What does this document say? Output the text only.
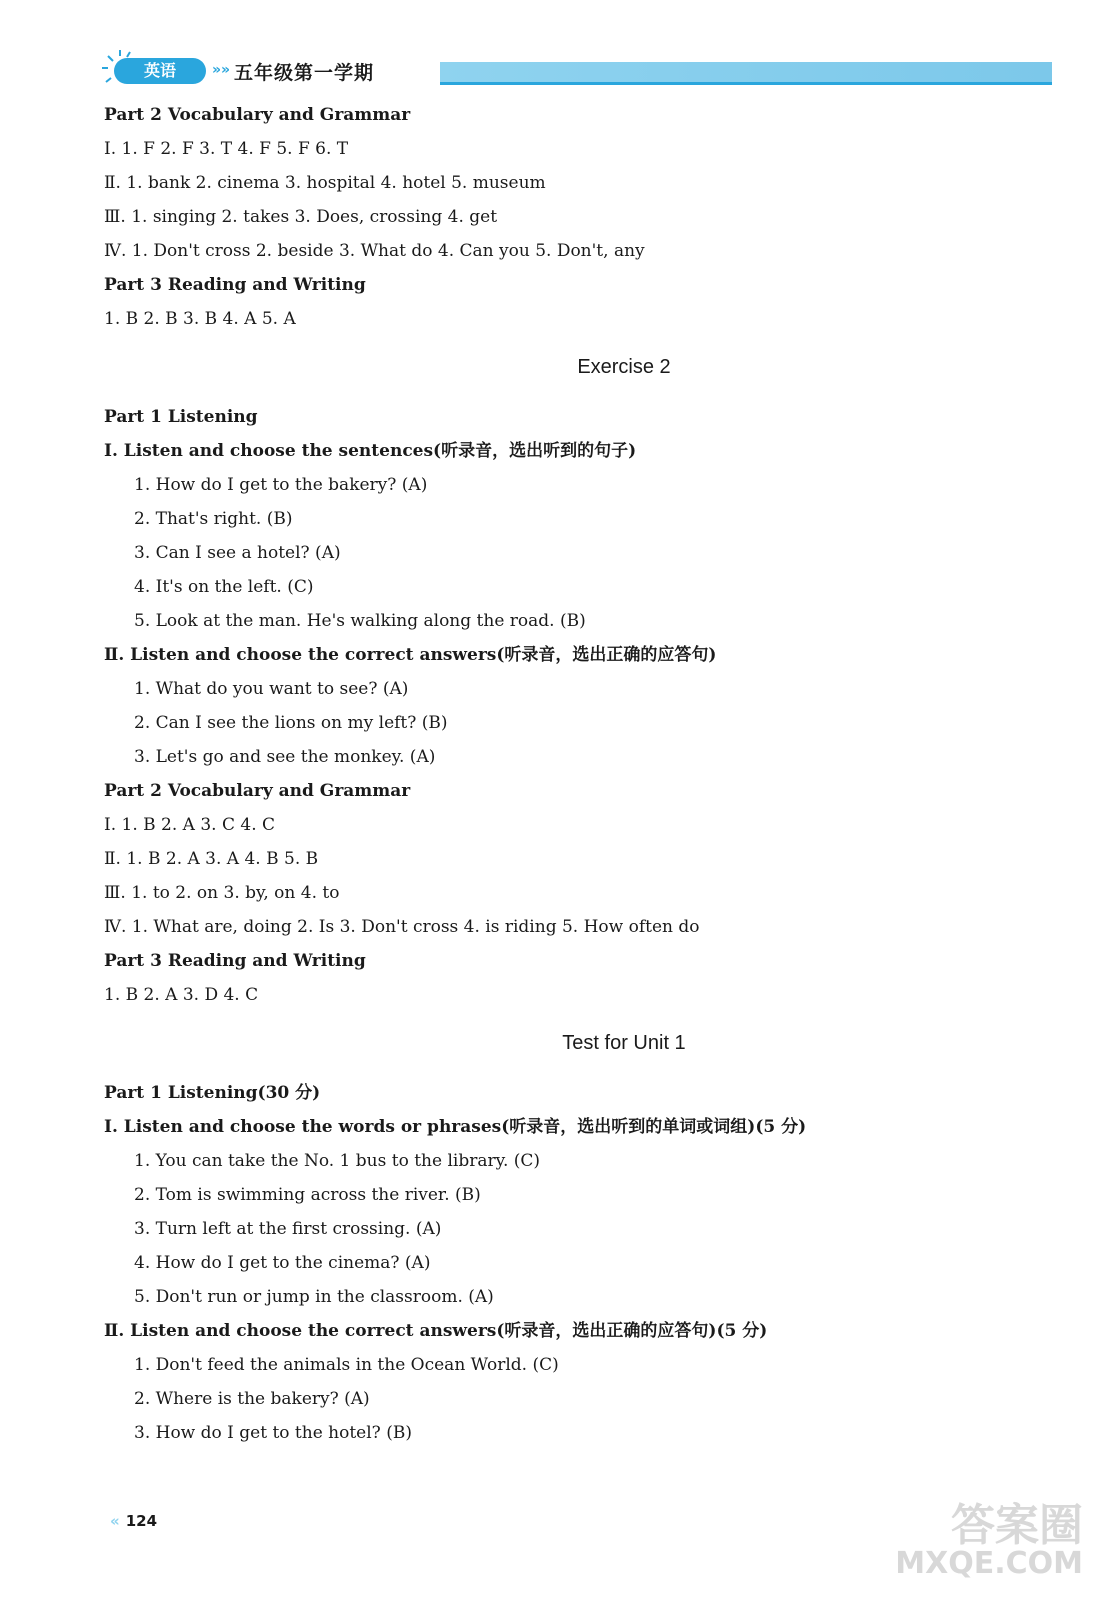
英语	»» 五年级第一学期
Part 2 Vocabulary and Grammar
Ⅰ. 1. F 2. F 3. T 4. F 5. F 6. T
Ⅱ. 1. bank 2. cinema 3. hospital 4. hotel 5. museum
Ⅲ. 1. singing 2. takes 3. Does, crossing 4. get
Ⅳ. 1. Don't cross 2. beside 3. What do 4. Can you 5. Don't, any
Part 3 Reading and Writing
1. B 2. B 3. B 4. A 5. A
Exercise 2
Part 1 Listening
Ⅰ. Listen and choose the sentences(听录音，选出听到的句子)
1. How do I get to the bakery? (A)
2. That's right. (B)
3. Can I see a hotel? (A)
4. It's on the left. (C)
5. Look at the man. He's walking along the road. (B)
Ⅱ. Listen and choose the correct answers(听录音，选出正确的应答句)
1. What do you want to see? (A)
2. Can I see the lions on my left? (B)
3. Let's go and see the monkey. (A)
Part 2 Vocabulary and Grammar
Ⅰ. 1. B 2. A 3. C 4. C
Ⅱ. 1. B 2. A 3. A 4. B 5. B
Ⅲ. 1. to 2. on 3. by, on 4. to
Ⅳ. 1. What are, doing 2. Is 3. Don't cross 4. is riding 5. How often do
Part 3 Reading and Writing
1. B 2. A 3. D 4. C
Test for Unit 1
Part 1 Listening(30 分)
Ⅰ. Listen and choose the words or phrases(听录音，选出听到的单词或词组)(5 分)
1. You can take the No. 1 bus to the library. (C)
2. Tom is swimming across the river. (B)
3. Turn left at the first crossing. (A)
4. How do I get to the cinema? (A)
5. Don't run or jump in the classroom. (A)
Ⅱ. Listen and choose the correct answers(听录音，选出正确的应答句)(5 分)
1. Don't feed the animals in the Ocean World. (C)
2. Where is the bakery? (A)
3. How do I get to the hotel? (B)
« 124	答案圈
MXQE.COM
